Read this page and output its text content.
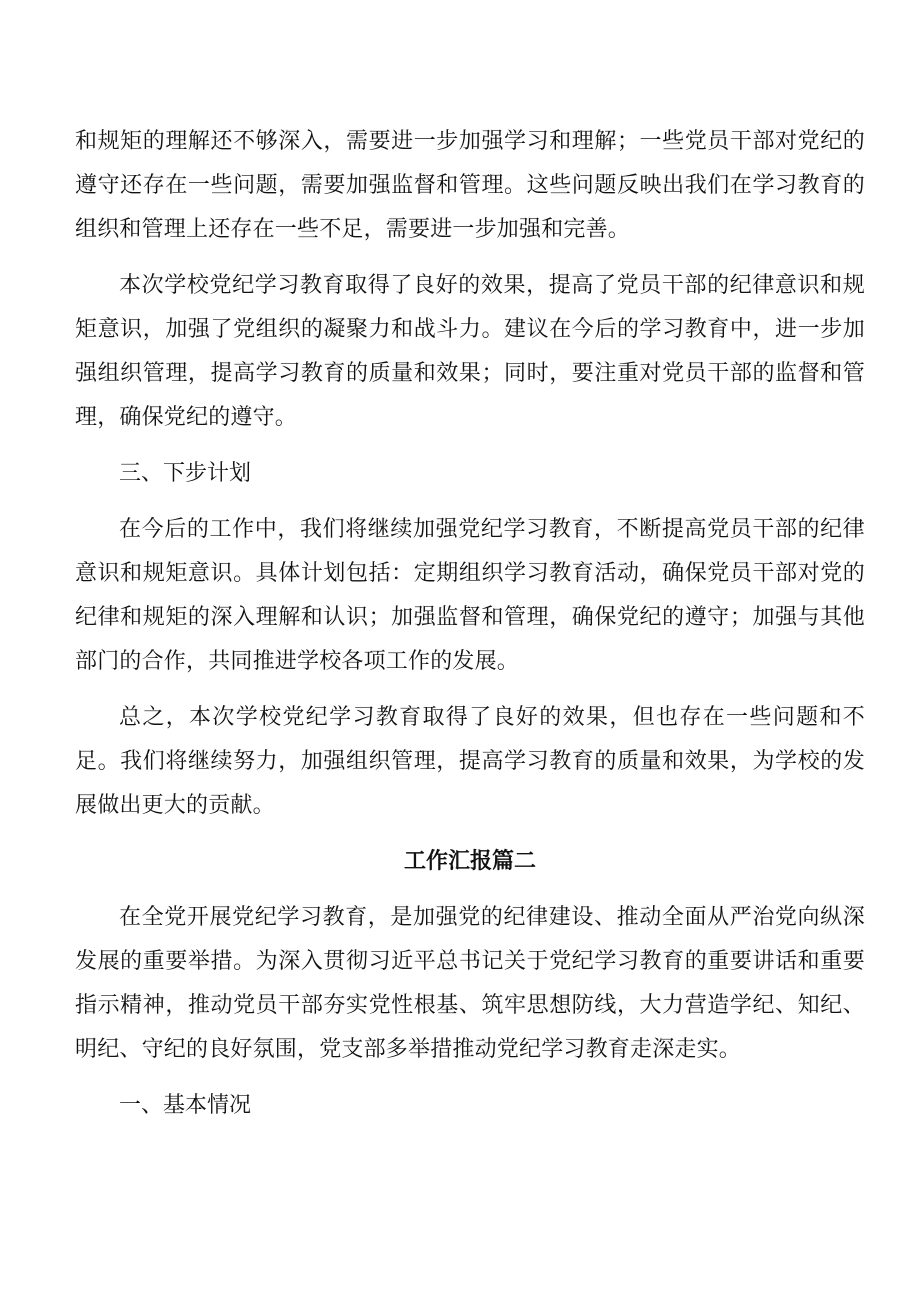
和规矩的理解还不够深入，需要进一步加强学习和理解；一些党员干部对党纪的遵守还存在一些问题，需要加强监督和管理。这些问题反映出我们在学习教育的组织和管理上还存在一些不足，需要进一步加强和完善。

本次学校党纪学习教育取得了良好的效果，提高了党员干部的纪律意识和规矩意识，加强了党组织的凝聚力和战斗力。建议在今后的学习教育中，进一步加强组织管理，提高学习教育的质量和效果；同时，要注重对党员干部的监督和管理，确保党纪的遵守。

三、下步计划

在今后的工作中，我们将继续加强党纪学习教育，不断提高党员干部的纪律意识和规矩意识。具体计划包括：定期组织学习教育活动，确保党员干部对党的纪律和规矩的深入理解和认识；加强监督和管理，确保党纪的遵守；加强与其他部门的合作，共同推进学校各项工作的发展。

总之，本次学校党纪学习教育取得了良好的效果，但也存在一些问题和不足。我们将继续努力，加强组织管理，提高学习教育的质量和效果，为学校的发展做出更大的贡献。

工作汇报篇二

在全党开展党纪学习教育，是加强党的纪律建设、推动全面从严治党向纵深发展的重要举措。为深入贯彻习近平总书记关于党纪学习教育的重要讲话和重要指示精神，推动党员干部夯实党性根基、筑牢思想防线，大力营造学纪、知纪、明纪、守纪的良好氛围，党支部多举措推动党纪学习教育走深走实。

一、基本情况
